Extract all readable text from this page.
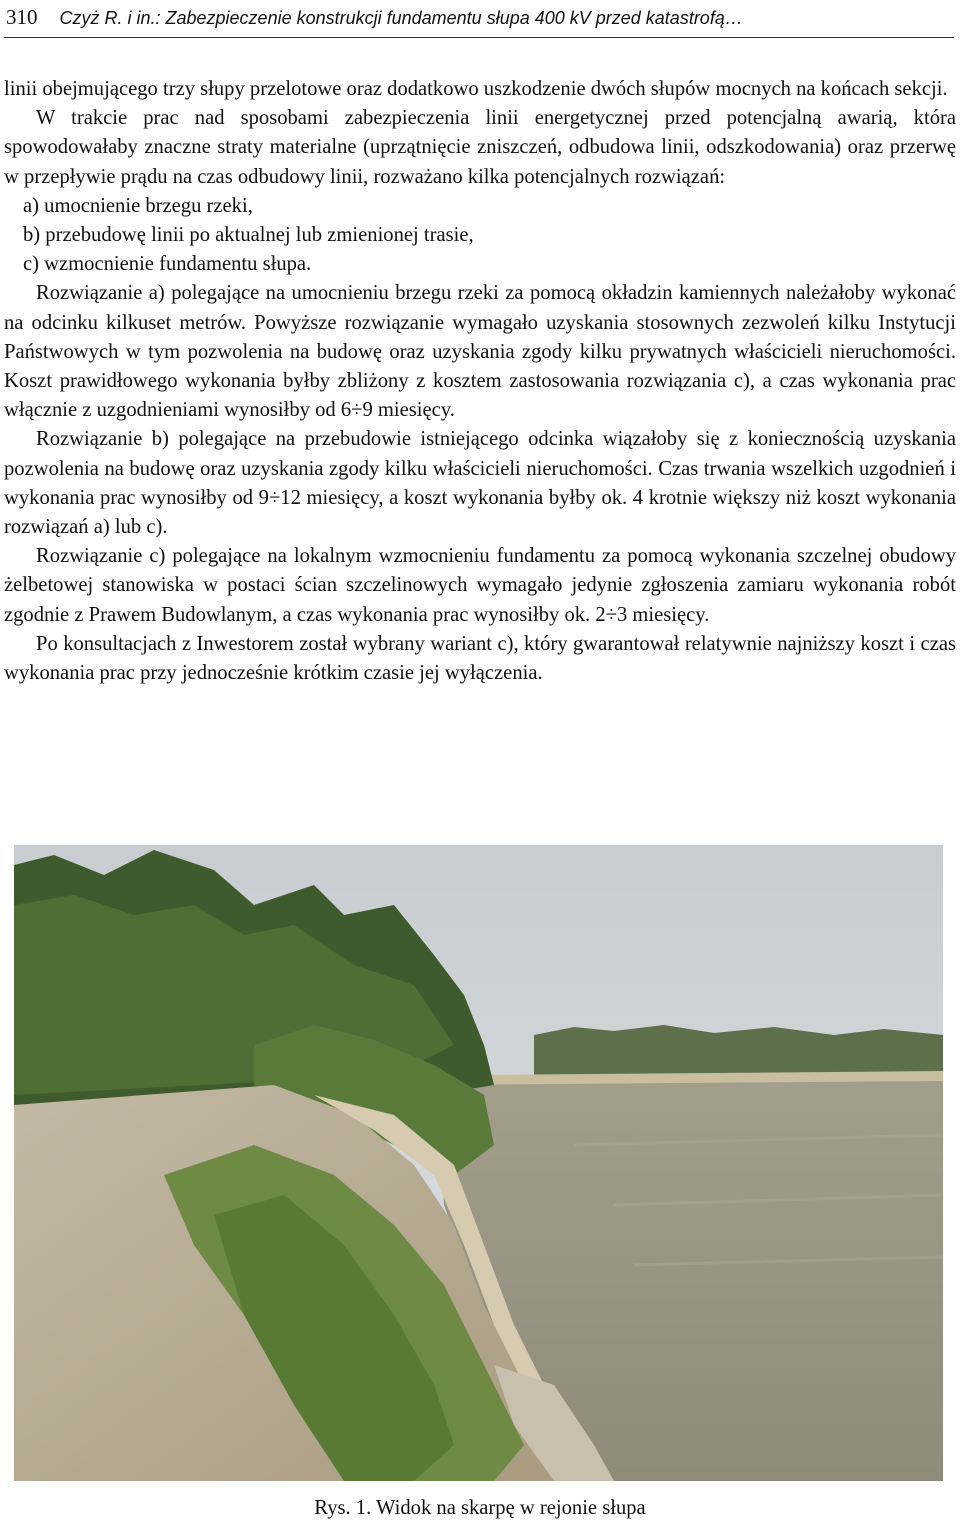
310 Czyż R. i in.: Zabezpieczenie konstrukcji fundamentu słupa 400 kV przed katastrofą…

linii obejmującego trzy słupy przelotowe oraz dodatkowo uszkodzenie dwóch słupów mocnych na końcach sekcji.

W trakcie prac nad sposobami zabezpieczenia linii energetycznej przed potencjalną awarią, która spowodowałaby znaczne straty materialne (uprzątnięcie zniszczeń, odbudowa linii, odszkodowania) oraz przerwę w przepływie prądu na czas odbudowy linii, rozważano kilka potencjalnych rozwiązań:

a) umocnienie brzegu rzeki,

b) przebudowę linii po aktualnej lub zmienionej trasie,

c) wzmocnienie fundamentu słupa.

Rozwiązanie a) polegające na umocnieniu brzegu rzeki za pomocą okładzin kamiennych należałoby wykonać na odcinku kilkuset metrów. Powyższe rozwiązanie wymagało uzyskania stosownych zezwoleń kilku Instytucji Państwowych w tym pozwolenia na budowę oraz uzyskania zgody kilku prywatnych właścicieli nieruchomości. Koszt prawidłowego wykonania byłby zbliżony z kosztem zastosowania rozwiązania c), a czas wykonania prac włącznie z uzgodnieniami wynosiłby od 6÷9 miesięcy.

Rozwiązanie b) polegające na przebudowie istniejącego odcinka wiązałoby się z koniecznością uzyskania pozwolenia na budowę oraz uzyskania zgody kilku właścicieli nieruchomości. Czas trwania wszelkich uzgodnień i wykonania prac wynosiłby od 9÷12 miesięcy, a koszt wykonania byłby ok. 4 krotnie większy niż koszt wykonania rozwiązań a) lub c).

Rozwiązanie c) polegające na lokalnym wzmocnieniu fundamentu za pomocą wykonania szczelnej obudowy żelbetowej stanowiska w postaci ścian szczelinowych wymagało jedynie zgłoszenia zamiaru wykonania robót zgodnie z Prawem Budowlanym, a czas wykonania prac wynosiłby ok. 2÷3 miesięcy.

Po konsultacjach z Inwestorem został wybrany wariant c), który gwarantował relatywnie najniższy koszt i czas wykonania prac przy jednocześnie krótkim czasie jej wyłączenia.

Rys. 1. Widok na skarpę w rejonie słupa
